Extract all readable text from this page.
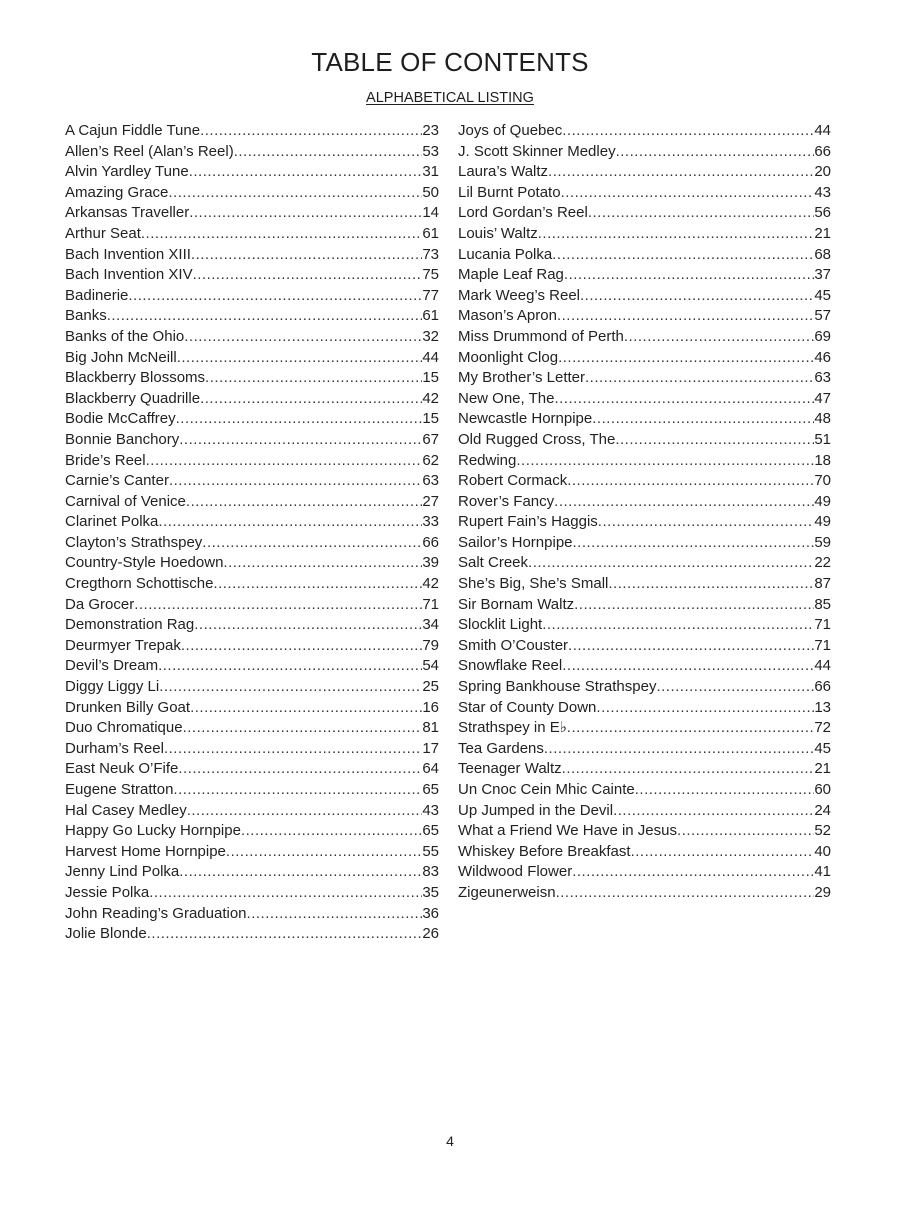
TABLE OF CONTENTS
ALPHABETICAL LISTING
A Cajun Fiddle Tune .....	23
Allen’s Reel (Alan’s Reel) .....	53
Alvin Yardley Tune .....	31
Amazing Grace .....	50
Arkansas Traveller .....	14
Arthur Seat .....	61
Bach Invention XIII .....	73
Bach Invention XIV .....	75
Badinerie .....	77
Banks .....	61
Banks of the Ohio .....	32
Big John McNeill .....	44
Blackberry Blossoms .....	15
Blackberry Quadrille .....	42
Bodie McCaffrey .....	15
Bonnie Banchory .....	67
Bride’s Reel .....	62
Carnie’s Canter .....	63
Carnival of Venice .....	27
Clarinet Polka .....	33
Clayton’s Strathspey .....	66
Country-Style Hoedown .....	39
Cregthorn Schottische .....	42
Da Grocer .....	71
Demonstration Rag .....	34
Deurmyer Trepak .....	79
Devil’s Dream .....	54
Diggy Liggy Li .....	25
Drunken Billy Goat .....	16
Duo Chromatique .....	81
Durham’s Reel .....	17
East Neuk O’Fife .....	64
Eugene Stratton .....	65
Hal Casey Medley .....	43
Happy Go Lucky Hornpipe .....	65
Harvest Home Hornpipe .....	55
Jenny Lind Polka .....	83
Jessie Polka .....	35
John Reading’s Graduation .....	36
Jolie Blonde .....	26
Joys of Quebec .....	44
J. Scott Skinner Medley .....	66
Laura’s Waltz .....	20
Lil Burnt Potato .....	43
Lord Gordan’s Reel .....	56
Louis’ Waltz .....	21
Lucania Polka .....	68
Maple Leaf Rag .....	37
Mark Weeg’s Reel .....	45
Mason’s Apron .....	57
Miss Drummond of Perth .....	69
Moonlight Clog .....	46
My Brother’s Letter .....	63
New One, The .....	47
Newcastle Hornpipe .....	48
Old Rugged Cross, The .....	51
Redwing .....	18
Robert Cormack .....	70
Rover’s Fancy .....	49
Rupert Fain’s Haggis .....	49
Sailor’s Hornpipe .....	59
Salt Creek .....	22
She’s Big, She’s Small .....	87
Sir Bornam Waltz .....	85
Slocklit Light .....	71
Smith O’Couster .....	71
Snowflake Reel .....	44
Spring Bankhouse Strathspey .....	66
Star of County Down .....	13
Strathspey in E♭ .....	72
Tea Gardens .....	45
Teenager Waltz .....	21
Un Cnoc Cein Mhic Cainte .....	60
Up Jumped in the Devil .....	24
What a Friend We Have in Jesus .....	52
Whiskey Before Breakfast .....	40
Wildwood Flower .....	41
Zigeunerweisn .....	29
4
